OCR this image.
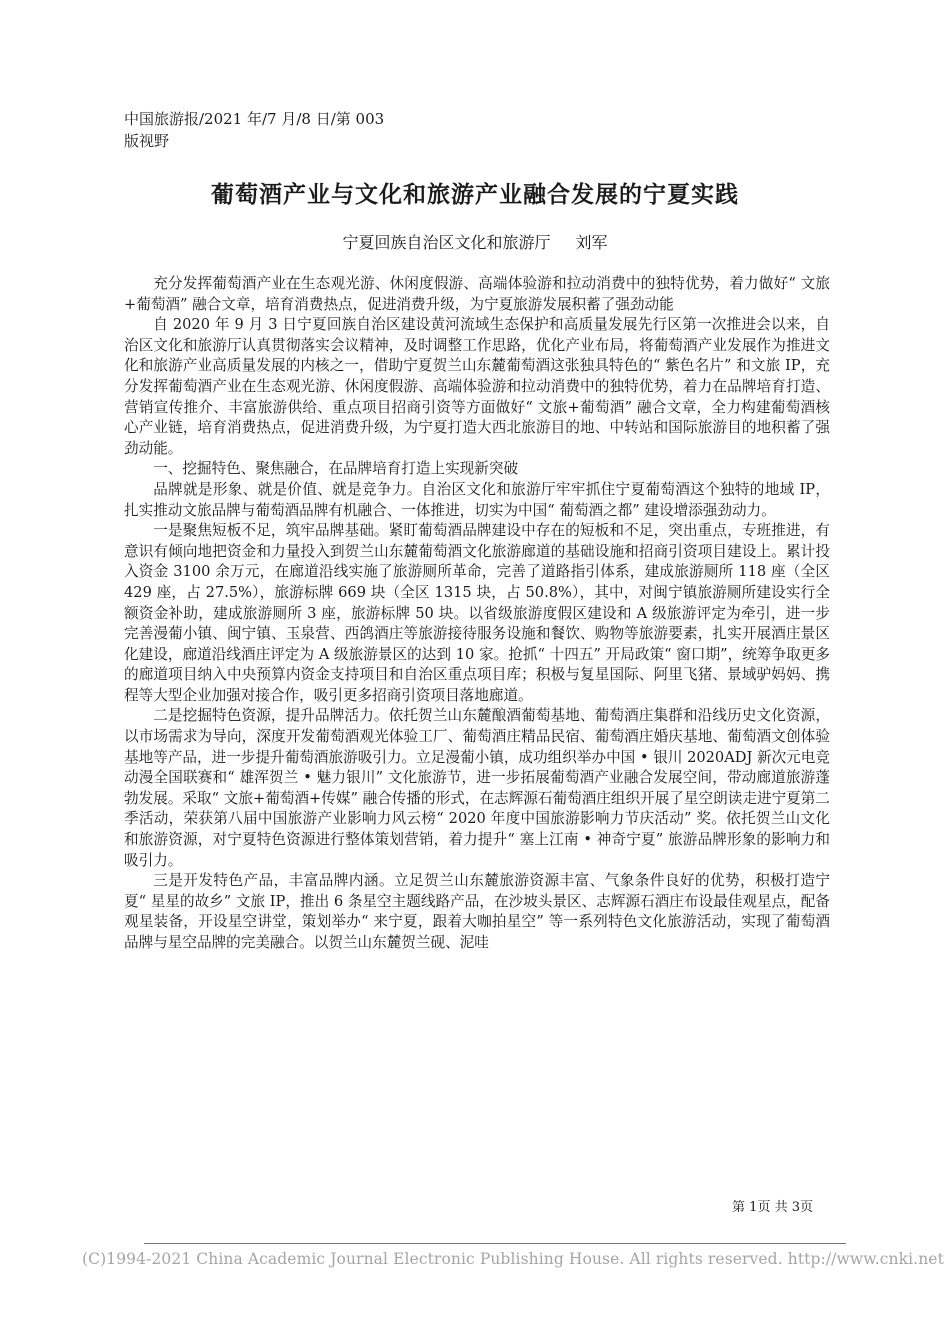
中国旅游报/2021 年/7 月/8 日/第 003
版视野
葡萄酒产业与文化和旅游产业融合发展的宁夏实践
宁夏回族自治区文化和旅游厅 刘军

充分发挥葡萄酒产业在生态观光游、休闲度假游、高端体验游和拉动消费中的独特优势，着力做好“ 文旅+葡萄酒” 融合文章，培育消费热点，促进消费升级，为宁夏旅游发展积蓄了强劲动能

自 2020 年 9 月 3 日宁夏回族自治区建设黄河流域生态保护和高质量发展先行区第一次推进会以来，自治区文化和旅游厅认真贯彻落实会议精神，及时调整工作思路，优化产业布局，将葡萄酒产业发展作为推进文化和旅游产业高质量发展的内核之一，借助宁夏贺兰山东麓葡萄酒这张独具特色的“ 紫色名片” 和文旅 IP，充分发挥葡萄酒产业在生态观光游、休闲度假游、高端体验游和拉动消费中的独特优势，着力在品牌培育打造、营销宣传推介、丰富旅游供给、重点项目招商引资等方面做好“ 文旅+葡萄酒” 融合文章，全力构建葡萄酒核心产业链，培育消费热点，促进消费升级，为宁夏打造大西北旅游目的地、中转站和国际旅游目的地积蓄了强劲动能。

一、挖掘特色、聚焦融合，在品牌培育打造上实现新突破

品牌就是形象、就是价值、就是竞争力。自治区文化和旅游厅牢牢抓住宁夏葡萄酒这个独特的地域 IP，扎实推动文旅品牌与葡萄酒品牌有机融合、一体推进，切实为中国“ 葡萄酒之都” 建设增添强劲动力。

一是聚焦短板不足，筑牢品牌基础。紧盯葡萄酒品牌建设中存在的短板和不足，突出重点，专班推进，有意识有倾向地把资金和力量投入到贺兰山东麓葡萄酒文化旅游廊道的基础设施和招商引资项目建设上。累计投入资金 3100 余万元，在廊道沿线实施了旅游厕所革命，完善了道路指引体系，建成旅游厕所 118 座（全区 429 座，占 27.5%），旅游标牌 669 块（全区 1315 块，占 50.8%），其中，对闽宁镇旅游厕所建设实行全额资金补助，建成旅游厕所 3 座，旅游标牌 50 块。以省级旅游度假区建设和 A 级旅游评定为牵引，进一步完善漫葡小镇、闽宁镇、玉泉营、西鸽酒庄等旅游接待服务设施和餐饮、购物等旅游要素，扎实开展酒庄景区化建设，廊道沿线酒庄评定为 A 级旅游景区的达到 10 家。抢抓“ 十四五” 开局政策“ 窗口期”，统筹争取更多的廊道项目纳入中央预算内资金支持项目和自治区重点项目库；积极与复星国际、阿里飞猪、景域驴妈妈、携程等大型企业加强对接合作，吸引更多招商引资项目落地廊道。

二是挖掘特色资源，提升品牌活力。依托贺兰山东麓酿酒葡萄基地、葡萄酒庄集群和沿线历史文化资源，以市场需求为导向，深度开发葡萄酒观光体验工厂、葡萄酒庄精品民宿、葡萄酒庄婚庆基地、葡萄酒文创体验基地等产品，进一步提升葡萄酒旅游吸引力。立足漫葡小镇，成功组织举办中国 • 银川 2020ADJ 新次元电竞动漫全国联赛和“ 雄浑贺兰 • 魅力银川” 文化旅游节，进一步拓展葡萄酒产业融合发展空间，带动廊道旅游蓬勃发展。采取“ 文旅+葡萄酒+传媒” 融合传播的形式，在志辉源石葡萄酒庄组织开展了星空朗读走进宁夏第二季活动，荣获第八届中国旅游产业影响力风云榜“ 2020 年度中国旅游影响力节庆活动” 奖。依托贺兰山文化和旅游资源，对宁夏特色资源进行整体策划营销，着力提升“ 塞上江南 • 神奇宁夏” 旅游品牌形象的影响力和吸引力。

三是开发特色产品，丰富品牌内涵。立足贺兰山东麓旅游资源丰富、气象条件良好的优势，积极打造宁夏“ 星星的故乡” 文旅 IP，推出 6 条星空主题线路产品，在沙坡头景区、志辉源石酒庄布设最佳观星点，配备观星装备，开设星空讲堂，策划举办“ 来宁夏，跟着大咖拍星空” 等一系列特色文化旅游活动，实现了葡萄酒品牌与星空品牌的完美融合。以贺兰山东麓贺兰砚、泥哇

第 1页 共 3页
(C)1994-2021 China Academic Journal Electronic Publishing House. All rights reserved. http://www.cnki.net
